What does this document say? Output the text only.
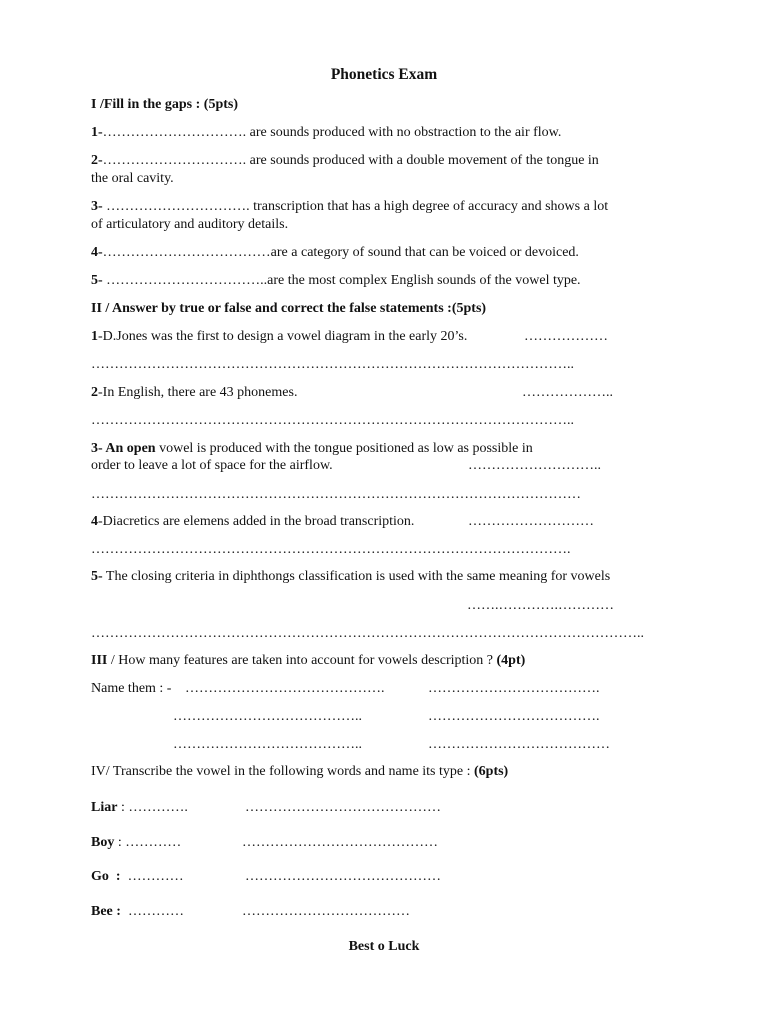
Phonetics Exam
I /Fill in the gaps : (5pts)
1-…………………………. are sounds produced with no obstraction to the air flow.
2-…………………………. are sounds produced with a double movement of the tongue in
the oral cavity.
3- …………………………. transcription that has a high degree of accuracy and shows a lot
of articulatory and auditory details.
4-………………………………are a category of sound that can be voiced or devoiced.
5- ……………………………..are the most complex English sounds of the vowel type.
II / Answer by true or false and correct the false statements :(5pts)
1-D.Jones was the first to design a vowel diagram in the early 20’s.	………………
…………………………………………………………………………………………..
2-In English, there are 43 phonemes.	………………..
…………………………………………………………………………………………..
3- An open vowel is produced with the tongue positioned as low as possible in
order to leave a lot of space for the airflow.	………………………..
……………………………………………………………………………………………
4-Diacretics are elemens added in the broad transcription.	………………………
………………………………………………………………………………………….
5- The closing criteria in diphthongs classification is used with the same meaning for vowels
…….………….…………
………………………………………………………………………………………………………..
III / How many features are taken into account for vowels description ? (4pt)
Name them : - …………………………………….	……………………………….
…………………………………..	……………………………….
…………………………………..	…………………………………
IV/ Transcribe the vowel in the following words and name its type : (6pts)
Liar : ………….	……………………………………
Boy : …………	……………………………………
Go  :  …………	……………………………………
Bee :  …………	………………………………
Best o Luck
